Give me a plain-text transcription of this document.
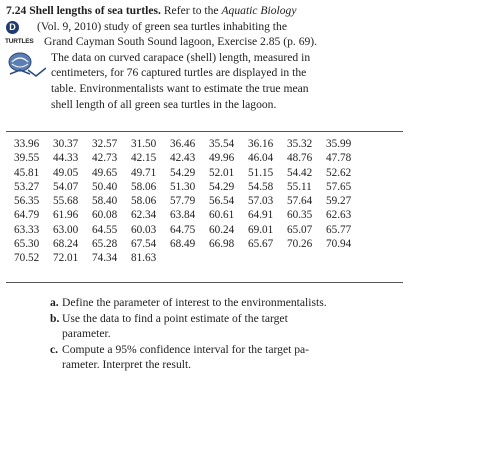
D
TURTLES
7.24 Shell lengths of sea turtles. Refer to the Aquatic Biology
(Vol. 9, 2010) study of green sea turtles inhabiting the
Grand Cayman South Sound lagoon, Exercise 2.85 (p. 69).
The data on curved carapace (shell) length, measured in
centimeters, for 76 captured turtles are displayed in the
table. Environmentalists want to estimate the true mean
shell length of all green sea turtles in the lagoon.
33.96 30.37 32.57 31.50 36.46 35.54 36.16 35.32 35.99
39.55 44.33 42.73 42.15 42.43 49.96 46.04 48.76 47.78
45.81 49.05 49.65 49.71 54.29 52.01 51.15 54.42 52.62
53.27 54.07 50.40 58.06 51.30 54.29 54.58 55.11 57.65
56.35 55.68 58.40 58.06 57.79 56.54 57.03 57.64 59.27
64.79 61.96 60.08 62.34 63.84 60.61 64.91 60.35 62.63
63.33 63.00 64.55 60.03 64.75 60.24 69.01 65.07 65.77
65.30 68.24 65.28 67.54 68.49 66.98 65.67 70.26 70.94
70.52 72.01 74.34 81.63
a. Define the parameter of interest to the environmentalists.
b. Use the data to find a point estimate of the target
parameter.
c. Compute a 95% confidence interval for the target pa-
rameter. Interpret the result.
